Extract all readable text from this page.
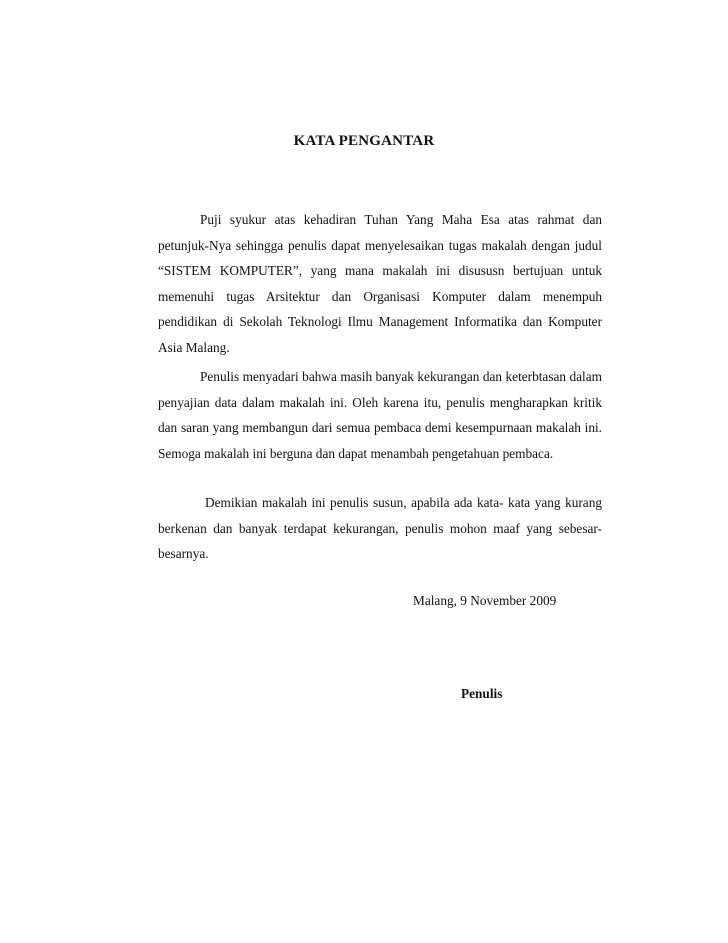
KATA PENGANTAR

Puji syukur atas kehadiran Tuhan Yang Maha Esa atas rahmat dan petunjuk-Nya sehingga penulis dapat menyelesaikan tugas makalah dengan judul “SISTEM KOMPUTER”, yang mana makalah ini disususn bertujuan untuk memenuhi tugas Arsitektur dan Organisasi Komputer dalam menempuh pendidikan di Sekolah Teknologi Ilmu Management Informatika dan Komputer Asia Malang.

Penulis menyadari bahwa masih banyak kekurangan dan keterbtasan dalam penyajian data dalam makalah ini. Oleh karena itu, penulis mengharapkan kritik dan saran yang membangun dari semua pembaca demi kesempurnaan makalah ini. Semoga makalah ini berguna dan dapat menambah pengetahuan pembaca.

Demikian makalah ini penulis susun, apabila ada kata- kata yang kurang berkenan dan banyak terdapat kekurangan, penulis mohon maaf yang sebesar-besarnya.

Malang, 9 November 2009
Penulis
